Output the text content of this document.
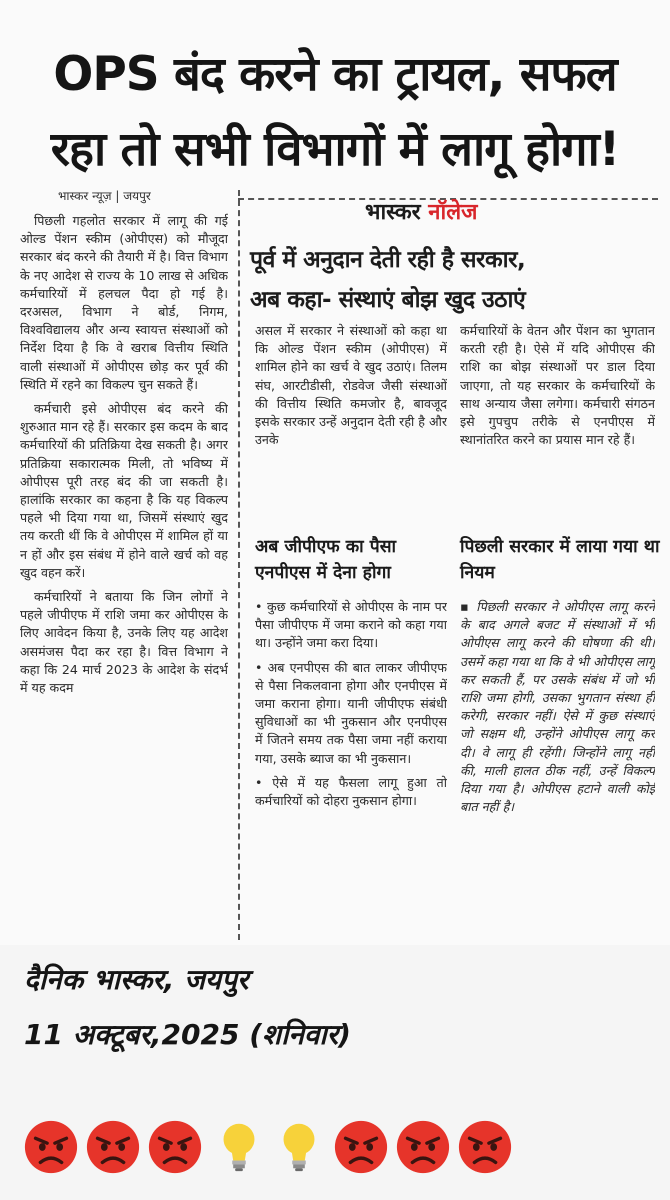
OPS बंद करने का ट्रायल, सफल
रहा तो सभी विभागों में लागू होगा!
भास्कर न्यूज़ | जयपुर

पिछली गहलोत सरकार में लागू की गई ओल्ड पेंशन स्कीम (ओपीएस) को मौजूदा सरकार बंद करने की तैयारी में है। वित्त विभाग के नए आदेश से राज्य के 10 लाख से अधिक कर्मचारियों में हलचल पैदा हो गई है। दरअसल, विभाग ने बोर्ड, निगम, विश्वविद्यालय और अन्य स्वायत्त संस्थाओं को निर्देश दिया है कि वे खराब वित्तीय स्थिति वाली संस्थाओं में ओपीएस छोड़ कर पूर्व की स्थिति में रहने का विकल्प चुन सकते हैं।

कर्मचारी इसे ओपीएस बंद करने की शुरुआत मान रहे हैं। सरकार इस कदम के बाद कर्मचारियों की प्रतिक्रिया देख सकती है। अगर प्रतिक्रिया सकारात्मक मिली, तो भविष्य में ओपीएस पूरी तरह बंद की जा सकती है। हालांकि सरकार का कहना है कि यह विकल्प पहले भी दिया गया था, जिसमें संस्थाएं खुद तय करती थीं कि वे ओपीएस में शामिल हों या न हों और इस संबंध में होने वाले खर्च को वह खुद वहन करें।

कर्मचारियों ने बताया कि जिन लोगों ने पहले जीपीएफ में राशि जमा कर ओपीएस के लिए आवेदन किया है, उनके लिए यह आदेश असमंजस पैदा कर रहा है। वित्त विभाग ने कहा कि 24 मार्च 2023 के आदेश के संदर्भ में यह कदम

भास्कर नॉलेज
पूर्व में अनुदान देती रही है सरकार,
अब कहा- संस्थाएं बोझ खुद उठाएं

असल में सरकार ने संस्थाओं को कहा था कि ओल्ड पेंशन स्कीम (ओपीएस) में शामिल होने का खर्च वे खुद उठाएं। तिलम संघ, आरटीडीसी, रोडवेज जैसी संस्थाओं की वित्तीय स्थिति कमजोर है, बावजूद इसके सरकार उन्हें अनुदान देती रही है और उनके

कर्मचारियों के वेतन और पेंशन का भुगतान करती रही है। ऐसे में यदि ओपीएस की राशि का बोझ संस्थाओं पर डाल दिया जाएगा, तो यह सरकार के कर्मचारियों के साथ अन्याय जैसा लगेगा। कर्मचारी संगठन इसे गुपचुप तरीके से एनपीएस में स्थानांतरित करने का प्रयास मान रहे हैं।

अब जीपीएफ का पैसा एनपीएस में देना होगा
पिछली सरकार में लाया गया था नियम

• कुछ कर्मचारियों से ओपीएस के नाम पर पैसा जीपीएफ में जमा कराने को कहा गया था। उन्होंने जमा करा दिया।

• अब एनपीएस की बात लाकर जीपीएफ से पैसा निकलवाना होगा और एनपीएस में जमा कराना होगा। यानी जीपीएफ संबंधी सुविधाओं का भी नुकसान और एनपीएस में जितने समय तक पैसा जमा नहीं कराया गया, उसके ब्याज का भी नुकसान।

• ऐसे में यह फैसला लागू हुआ तो कर्मचारियों को दोहरा नुकसान होगा।

▪ पिछली सरकार ने ओपीएस लागू करने के बाद अगले बजट में संस्थाओं में भी ओपीएस लागू करने की घोषणा की थी। उसमें कहा गया था कि वे भी ओपीएस लागू कर सकती हैं, पर उसके संबंध में जो भी राशि जमा होगी, उसका भुगतान संस्था ही करेगी, सरकार नहीं। ऐसे में कुछ संस्थाएं जो सक्षम थी, उन्होंने ओपीएस लागू कर दी। वे लागू ही रहेंगी। जिन्होंने लागू नहीं की, माली हालत ठीक नहीं, उन्हें विकल्प दिया गया है। ओपीएस हटाने वाली कोई बात नहीं है।

दैनिक भास्कर, जयपुर
11 अक्टूबर,2025 (शनिवार)
